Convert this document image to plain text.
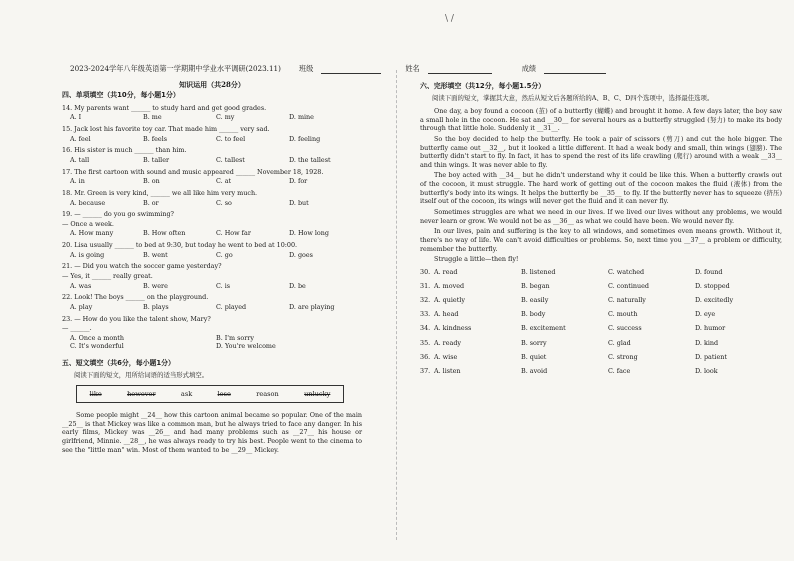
\ /
2023-2024学年八年级英语第一学期期中学业水平调研(2023.11)	班级	姓名	成绩
知识运用（共28分）
四、单项填空（共10分，每小题1分）
14. My parents want ______ to study hard and get good grades.
A. I	B. me	C. my	D. mine
15. Jack lost his favorite toy car. That made him ______ very sad.
A. feel	B. feels	C. to feel	D. feeling
16. His sister is much ______ than him.
A. tall	B. taller	C. tallest	D. the tallest
17. The first cartoon with sound and music appeared ______ November 18, 1928.
A. in	B. on	C. at	D. for
18. Mr. Green is very kind, ______ we all like him very much.
A. because	B. or	C. so	D. but
19. — ______ do you go swimming?
— Once a week.
A. How many	B. How often	C. How far	D. How long
20. Lisa usually ______ to bed at 9:30, but today he went to bed at 10:00.
A. is going	B. went	C. go	D. goes
21. — Did you watch the soccer game yesterday?
— Yes, it ______ really great.
A. was	B. were	C. is	D. be
22. Look! The boys ______ on the playground.
A. play	B. plays	C. played	D. are playing
23. — How do you like the talent show, Mary?
— ______.
A. Once a month	B. I'm sorry
C. It's wonderful	D. You're welcome
五、短文填空（共6分，每小题1分）
阅读下面的短文，用所给词语的适当形式填空。
like	however	ask	lose	reason	unlucky
Some people might __24__ how this cartoon animal became so popular. One of the main __25__ is that Mickey was like a common man, but he always tried to face any danger. In his early films, Mickey was __26__ and had many problems such as __27__ his house or girlfriend, Minnie. __28__, he was always ready to try his best. People went to the cinema to see the "little man" win. Most of them wanted to be __29__ Mickey.
六、完形填空（共12分，每小题1.5分）
阅读下面的短文，掌握其大意，然后从短文后各题所给的A、B、C、D四个选项中，选择最佳选项。
One day, a boy found a cocoon (茧) of a butterfly (蝴蝶) and brought it home. A few days later, the boy saw a small hole in the cocoon. He sat and __30__ for several hours as a butterfly struggled (努力) to make its body through that little hole. Suddenly it __31__.
So the boy decided to help the butterfly. He took a pair of scissors (剪刀) and cut the hole bigger. The butterfly came out __32__, but it looked a little different. It had a weak body and small, thin wings (翅膀). The butterfly didn't start to fly. In fact, it has to spend the rest of its life crawling (爬行) around with a weak __33__ and thin wings. It was never able to fly.
The boy acted with __34__ but he didn't understand why it could be like this. When a butterfly crawls out of the cocoon, it must struggle. The hard work of getting out of the cocoon makes the fluid (液体) from the butterfly's body into its wings. It helps the butterfly be __35__ to fly. If the butterfly never has to squeeze (挤压) itself out of the cocoon, its wings will never get the fluid and it can never fly.
Sometimes struggles are what we need in our lives. If we lived our lives without any problems, we would never learn or grow. We would not be as __36__ as what we could have been. We would never fly.
In our lives, pain and suffering is the key to all windows, and sometimes even means growth. Without it, there's no way of life. We can't avoid difficulties or problems. So, next time you __37__ a problem or difficulty, remember the butterfly.
Struggle a little—then fly!
30. A. read	B. listened	C. watched	D. found
31. A. moved	B. began	C. continued	D. stopped
32. A. quietly	B. easily	C. naturally	D. excitedly
33. A. head	B. body	C. mouth	D. eye
34. A. kindness	B. excitement	C. success	D. humor
35. A. ready	B. sorry	C. glad	D. kind
36. A. wise	B. quiet	C. strong	D. patient
37. A. listen	B. avoid	C. face	D. look
